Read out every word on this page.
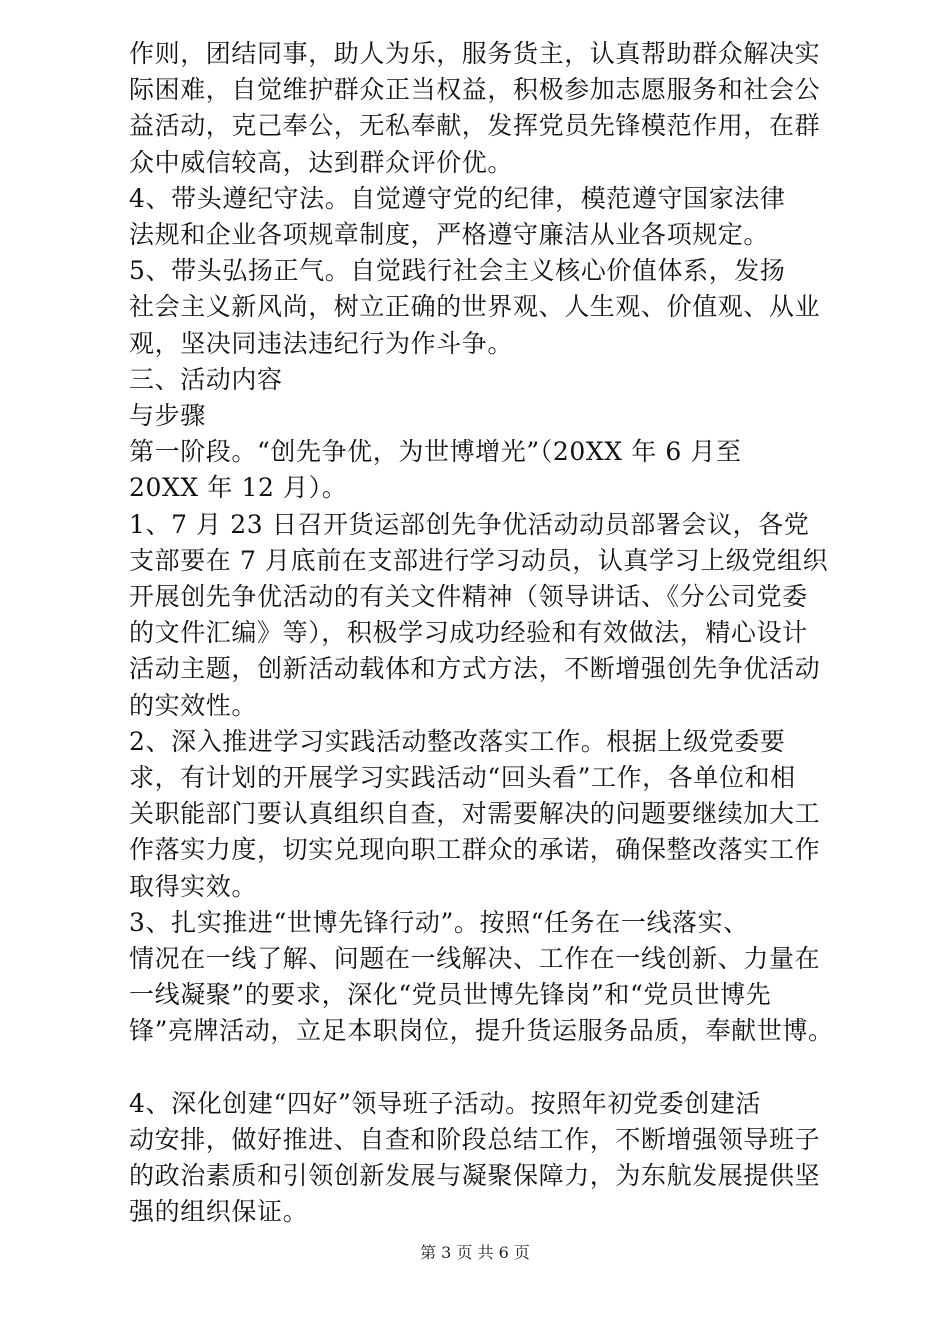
作则，团结同事，助人为乐，服务货主，认真帮助群众解决实
际困难，自觉维护群众正当权益，积极参加志愿服务和社会公
益活动，克己奉公，无私奉献，发挥党员先锋模范作用，在群
众中威信较高，达到群众评价优。
4、带头遵纪守法。自觉遵守党的纪律，模范遵守国家法律
法规和企业各项规章制度，严格遵守廉洁从业各项规定。
5、带头弘扬正气。自觉践行社会主义核心价值体系，发扬
社会主义新风尚，树立正确的世界观、人生观、价值观、从业
观，坚决同违法违纪行为作斗争。
三、活动内容
与步骤
第一阶段。“创先争优，为世博增光”（20XX 年 6 月至
20XX 年 12 月）。
1、7 月 23 日召开货运部创先争优活动动员部署会议，各党
支部要在 7 月底前在支部进行学习动员，认真学习上级党组织
开展创先争优活动的有关文件精神（领导讲话、《分公司党委
的文件汇编》等），积极学习成功经验和有效做法，精心设计
活动主题，创新活动载体和方式方法，不断增强创先争优活动
的实效性。
2、深入推进学习实践活动整改落实工作。根据上级党委要
求，有计划的开展学习实践活动“回头看”工作，各单位和相
关职能部门要认真组织自查，对需要解决的问题要继续加大工
作落实力度，切实兑现向职工群众的承诺，确保整改落实工作
取得实效。
3、扎实推进“世博先锋行动”。按照“任务在一线落实、
情况在一线了解、问题在一线解决、工作在一线创新、力量在
一线凝聚”的要求，深化“党员世博先锋岗”和“党员世博先
锋”亮牌活动，立足本职岗位，提升货运服务品质，奉献世博。
4、深化创建“四好”领导班子活动。按照年初党委创建活
动安排，做好推进、自查和阶段总结工作，不断增强领导班子
的政治素质和引领创新发展与凝聚保障力，为东航发展提供坚
强的组织保证。
第 3 页 共 6 页
